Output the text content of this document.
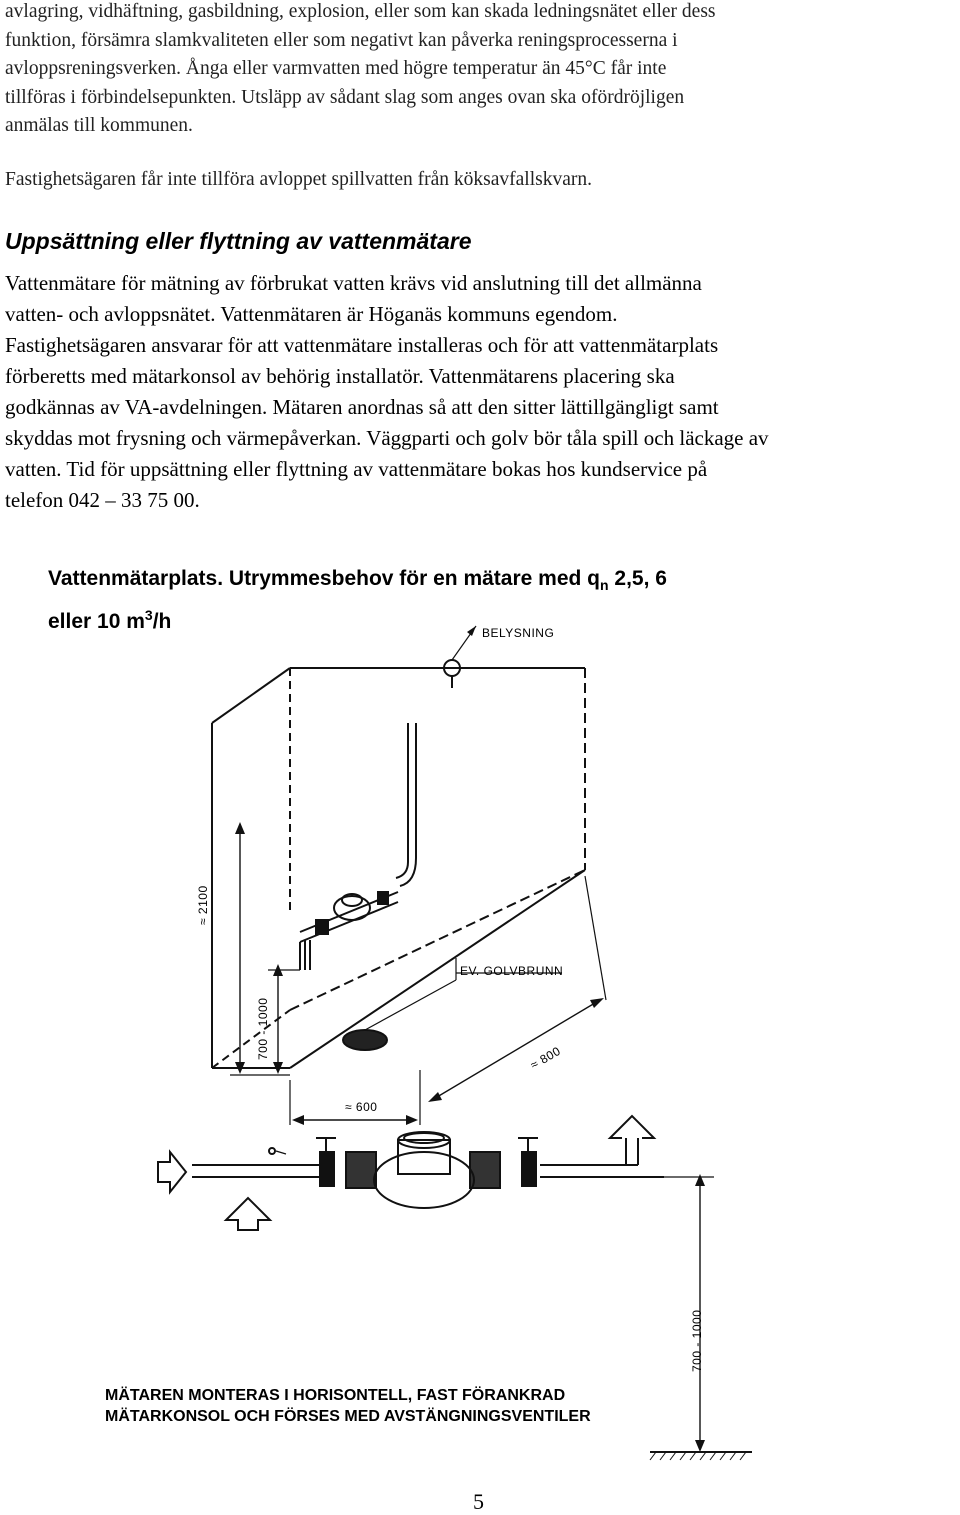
avlagring, vidhäftning, gasbildning, explosion, eller som kan skada ledningsnätet eller dess
funktion, försämra slamkvaliteten eller som negativt kan påverka reningsprocesserna i
avloppsreningsverken. Ånga eller varmvatten med högre temperatur än 45°C får inte
tillföras i förbindelsepunkten. Utsläpp av sådant slag som anges ovan ska ofördröjligen
anmälas till kommunen.
Fastighetsägaren får inte tillföra avloppet spillvatten från köksavfallskvarn.
Uppsättning eller flyttning av vattenmätare
Vattenmätare för mätning av förbrukat vatten krävs vid anslutning till det allmänna
vatten- och avloppsnätet. Vattenmätaren är Höganäs kommuns egendom.
Fastighetsägaren ansvarar för att vattenmätare installeras och för att vattenmätarplats
förberetts med mätarkonsol av behörig installatör. Vattenmätarens placering ska
godkännas av VA-avdelningen. Mätaren anordnas så att den sitter lättillgängligt samt
skyddas mot frysning och värmepåverkan. Väggparti och golv bör tåla spill och läckage av
vatten. Tid för uppsättning eller flyttning av vattenmätare bokas hos kundservice på
telefon 042 – 33 75 00.
Vattenmätarplats. Utrymmesbehov för en mätare med $q_n$ 2,5, 6
eller 10 $m^3/h$	BELYSNING
EV. GOLVBRUNN
≈ 2100
700 - 1000	≈ 800
≈ 600
700 - 1000
MÄTAREN MONTERAS I HORISONTELL, FAST FÖRANKRAD
MÄTARKONSOL OCH FÖRSES MED AVSTÄNGNINGSVENTILER
5
